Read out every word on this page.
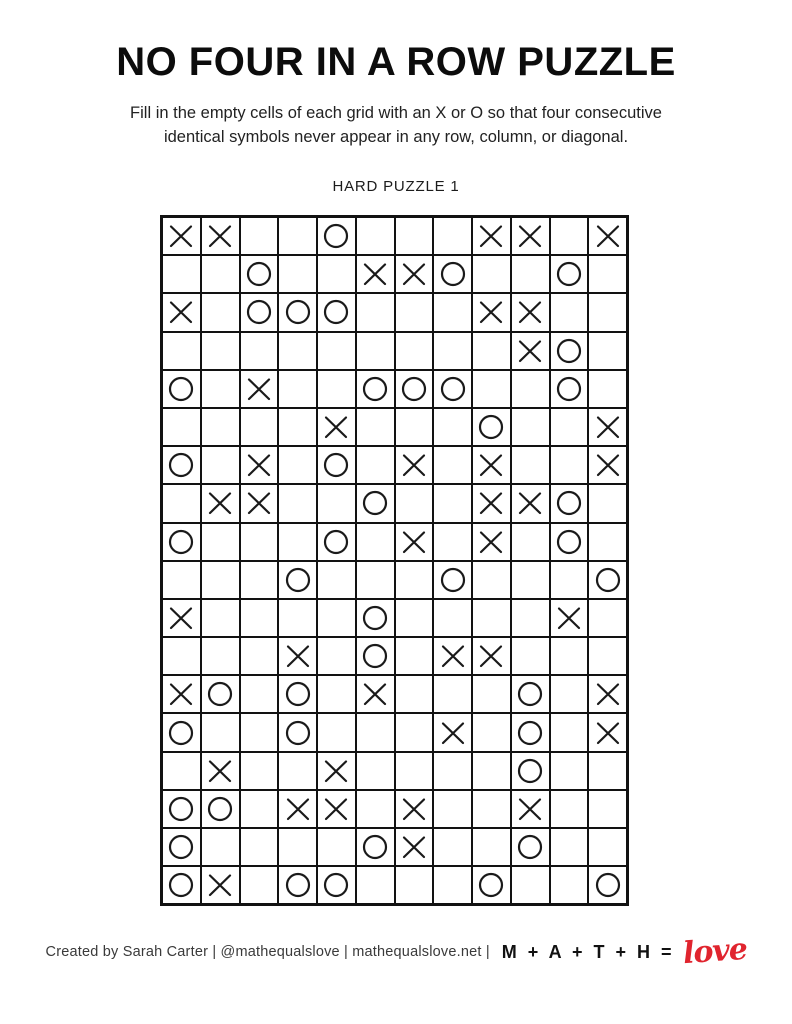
NO FOUR IN A ROW PUZZLE
Fill in the empty cells of each grid with an X or O so that four consecutive
identical symbols never appear in any row, column, or diagonal.
HARD PUZZLE 1
Created by Sarah Carter | @mathequalslove | mathequalslove.net | M + A + T + H = love
